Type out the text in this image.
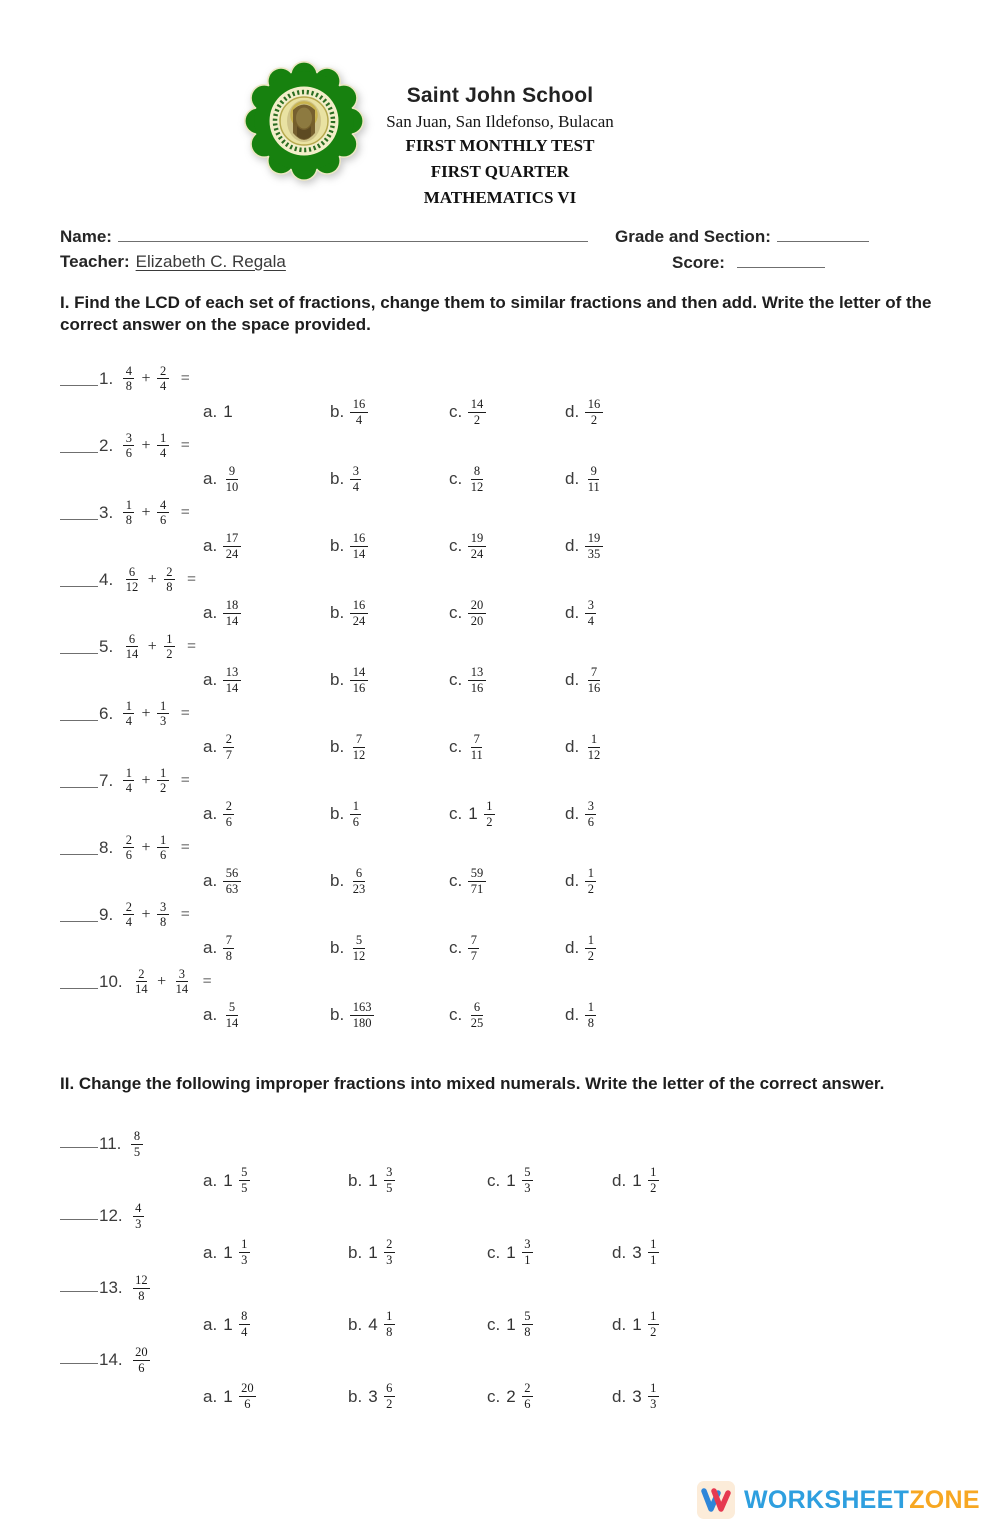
Saint John School
San Juan, San Ildefonso, Bulacan
FIRST MONTHLY TEST
FIRST QUARTER
MATHEMATICS VI
Name:	Grade and Section:
Teacher: Elizabeth C. Regala	Score:
I. Find the LCD of each set of fractions, change them to similar fractions and then add. Write the letter of the correct answer on the space provided.
1. $\frac{4}{8} + \frac{2}{4}$ =
a. 1	b. $\frac{16}{4}$	c. $\frac{14}{2}$	d. $\frac{16}{2}$
2. $\frac{3}{6} + \frac{1}{4}$ =
a. $\frac{9}{10}$	b. $\frac{3}{4}$	c. $\frac{8}{12}$	d. $\frac{9}{11}$
3. $\frac{1}{8} + \frac{4}{6}$ =
a. $\frac{17}{24}$	b. $\frac{16}{14}$	c. $\frac{19}{24}$	d. $\frac{19}{35}$
4. $\frac{6}{12} + \frac{2}{8}$ =
a. $\frac{18}{14}$	b. $\frac{16}{24}$	c. $\frac{20}{20}$	d. $\frac{3}{4}$
5. $\frac{6}{14} + \frac{1}{2}$ =
a. $\frac{13}{14}$	b. $\frac{14}{16}$	c. $\frac{13}{16}$	d. $\frac{7}{16}$
6. $\frac{1}{4} + \frac{1}{3}$ =
a. $\frac{2}{7}$	b. $\frac{7}{12}$	c. $\frac{7}{11}$	d. $\frac{1}{12}$
7. $\frac{1}{4} + \frac{1}{2}$ =
a. $\frac{2}{6}$	b. $\frac{1}{6}$	c. $1 \frac{1}{2}$	d. $\frac{3}{6}$
8. $\frac{2}{6} + \frac{1}{6}$ =
a. $\frac{56}{63}$	b. $\frac{6}{23}$	c. $\frac{59}{71}$	d. $\frac{1}{2}$
9. $\frac{2}{4} + \frac{3}{8}$ =
a. $\frac{7}{8}$	b. $\frac{5}{12}$	c. $\frac{7}{7}$	d. $\frac{1}{2}$
10. $\frac{2}{14} + \frac{3}{14}$ =
a. $\frac{5}{14}$	b. $\frac{163}{180}$	c. $\frac{6}{25}$	d. $\frac{1}{8}$
II. Change the following improper fractions into mixed numerals. Write the letter of the correct answer.
11. $\frac{8}{5}$
a. $1 \frac{5}{5}$	b. $1 \frac{3}{5}$	c. $1 \frac{5}{3}$	d. $1 \frac{1}{2}$
12. $\frac{4}{3}$
a. $1 \frac{1}{3}$	b. $1 \frac{2}{3}$	c. $1 \frac{3}{1}$	d. $3 \frac{1}{1}$
13. $\frac{12}{8}$
a. $1 \frac{8}{4}$	b. $4 \frac{1}{8}$	c. $1 \frac{5}{8}$	d. $1 \frac{1}{2}$
14. $\frac{20}{6}$
a. $1 \frac{20}{6}$	b. $3 \frac{6}{2}$	c. $2 \frac{2}{6}$	d. $3 \frac{1}{3}$
WORKSHEETZONE
